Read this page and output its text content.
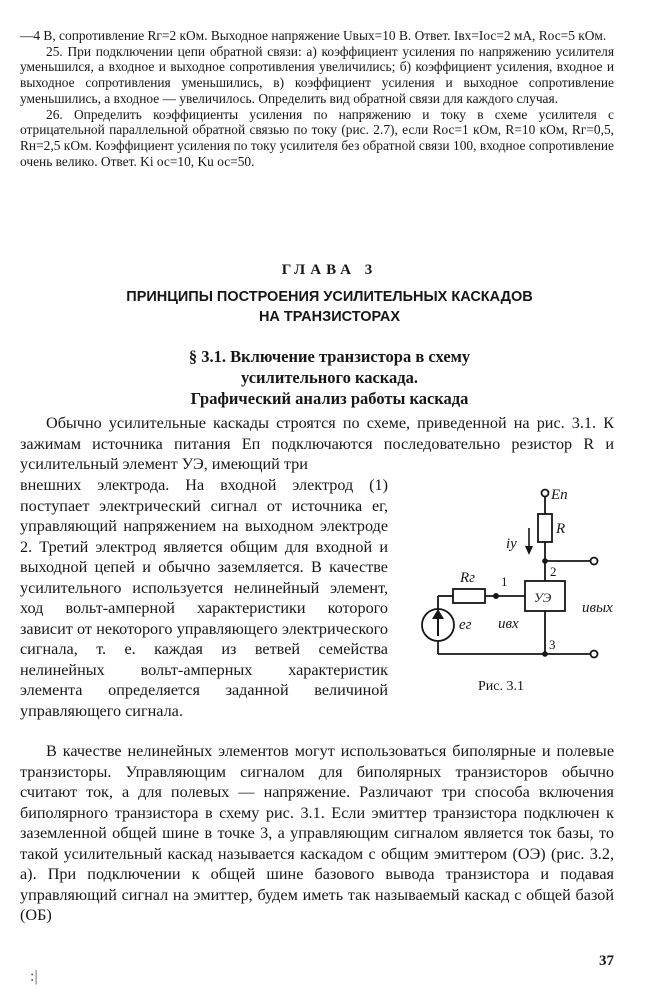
—4 В, сопротивление Rг=2 кОм. Выходное напряжение Uвых=10 В. Ответ. Iвх=Iос=2 мА, Rос=5 кОм.

25. При подключении цепи обратной связи: а) коэффициент усиления по напряжению усилителя уменьшился, а входное и выходное сопротивления увеличились; б) коэффициент усиления, входное и выходное сопротивления уменьшились, в) коэффициент усиления и выходное сопротивление уменьшились, а входное — увеличилось. Определить вид обратной связи для каждого случая.

26. Определить коэффициенты усиления по напряжению и току в схеме усилителя с отрицательной параллельной обратной связью по току (рис. 2.7), если Rос=1 кОм, R=10 кОм, Rг=0,5, Rн=2,5 кОм. Коэффициент усиления по току усилителя без обратной связи 100, входное сопротивление очень велико. Ответ. Ki ос=10, Ku ос=50.

ГЛАВА 3
ПРИНЦИПЫ ПОСТРОЕНИЯ УСИЛИТЕЛЬНЫХ КАСКАДОВ
НА ТРАНЗИСТОРАХ
§ 3.1. Включение транзистора в схему
усилительного каскада.
Графический анализ работы каскада

Обычно усилительные каскады строятся по схеме, приведенной на рис. 3.1. К зажимам источника питания Eп подключаются последовательно резистор R и усилительный элемент УЭ, имеющий три

внешних электрода. На входной электрод (1) поступает электрический сигнал от источника eг, управляющий напряжением на выходном электроде 2. Третий электрод является общим для входной и выходной цепей и обычно заземляется. В качестве усилительного используется нелинейный элемент, ход вольт-амперной характеристики которого зависит от некоторого управляющего электрического сигнала, т. е. каждая из ветвей семейства нелинейных вольт-амперных характеристик элемента определяется заданной величиной управляющего сигнала.

Eп
R
iу
Rг 1
2
3
УЭ
eг uвх
uвых
Рис. 3.1

В качестве нелинейных элементов могут использоваться биполярные и полевые транзисторы. Управляющим сигналом для биполярных транзисторов обычно считают ток, а для полевых — напряжение. Различают три способа включения биполярного транзистора в схему рис. 3.1. Если эмиттер транзистора подключен к заземленной общей шине в точке 3, а управляющим сигналом является ток базы, то такой усилительный каскад называется каскадом с общим эмиттером (ОЭ) (рис. 3.2, а). При подключении к общей шине базового вывода транзистора и подавая управляющий сигнал на эмиттер, будем иметь так называемый каскад с общей базой (ОБ)

37
:|
